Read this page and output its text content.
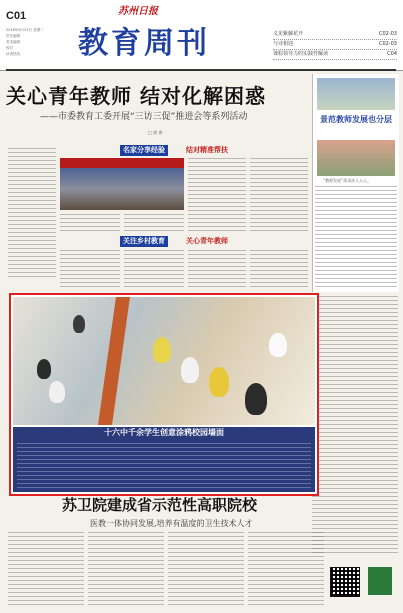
C01
2016年6月23日 星期二
责任编辑
美术编辑
校对
读者热线
苏州日报
教育周刊	义见紫藤花开	C02-03
与诗相迎	C02-03
课程领导力的实践性解读	C04
关心青年教师 结对化解困惑
——市委教育工委开展“三访三促”推进会等系列活动
□ 唐 善
名家分享经验	结对精准帮扶
关注乡村教育	关心青年教师
景范教师发展也分层
“教师发展”需求涉入人心。
十六中千余学生创意涂鸦校园墙面
苏卫院建成省示范性高职院校
医教一体协同发展,培养有温度的卫生技术人才
